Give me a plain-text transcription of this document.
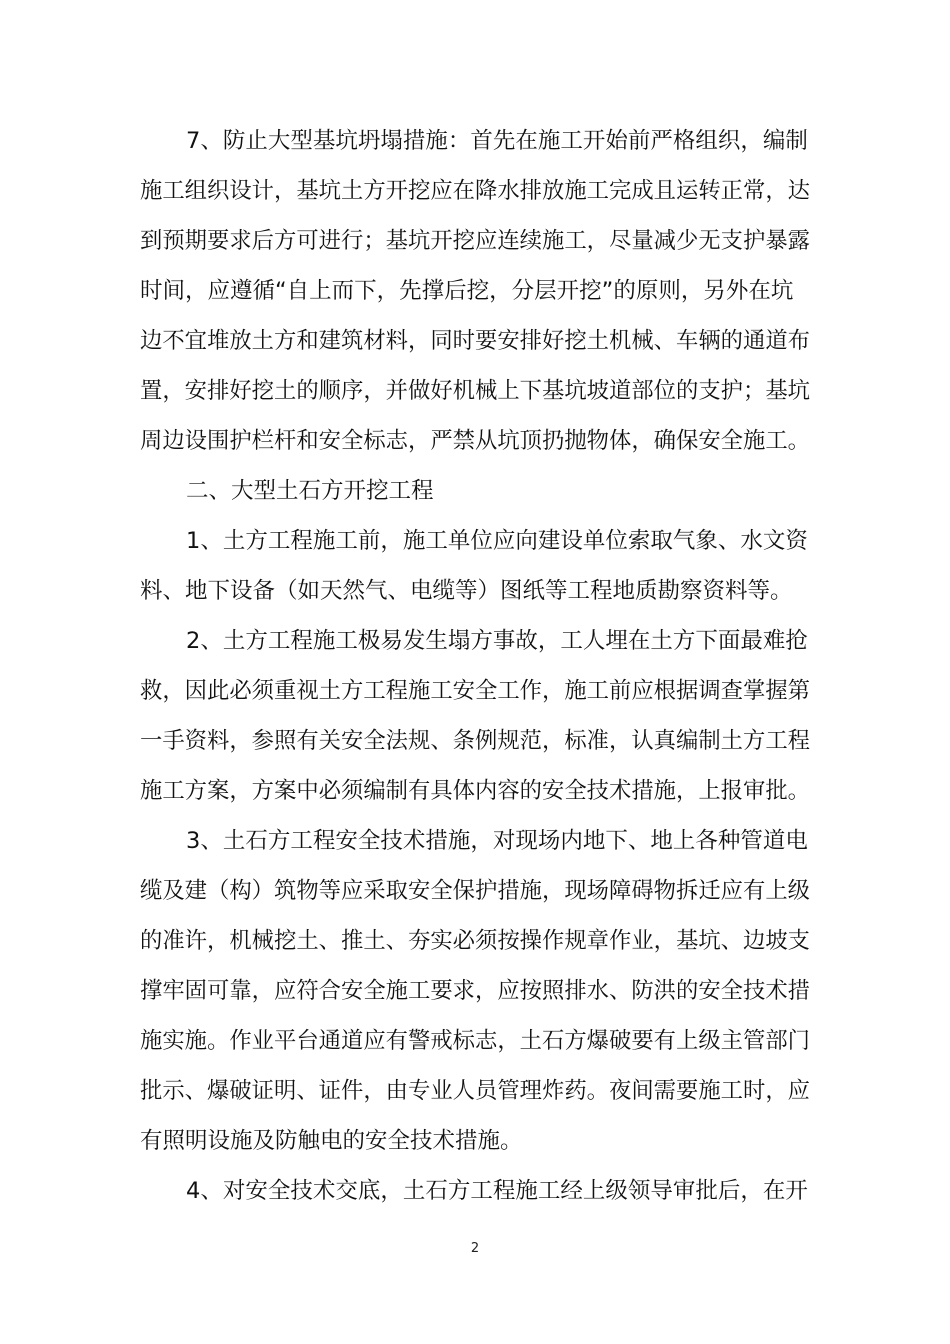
7、防止大型基坑坍塌措施：首先在施工开始前严格组织，编制
施工组织设计，基坑土方开挖应在降水排放施工完成且运转正常，达
到预期要求后方可进行；基坑开挖应连续施工，尽量减少无支护暴露
时间，应遵循“自上而下，先撑后挖，分层开挖”的原则，另外在坑
边不宜堆放土方和建筑材料，同时要安排好挖土机械、车辆的通道布
置，安排好挖土的顺序，并做好机械上下基坑坡道部位的支护；基坑
周边设围护栏杆和安全标志，严禁从坑顶扔抛物体，确保安全施工。
二、大型土石方开挖工程
1、土方工程施工前，施工单位应向建设单位索取气象、水文资
料、地下设备（如天然气、电缆等）图纸等工程地质勘察资料等。
2、土方工程施工极易发生塌方事故，工人埋在土方下面最难抢
救，因此必须重视土方工程施工安全工作，施工前应根据调查掌握第
一手资料，参照有关安全法规、条例规范，标准，认真编制土方工程
施工方案，方案中必须编制有具体内容的安全技术措施，上报审批。
3、土石方工程安全技术措施，对现场内地下、地上各种管道电
缆及建（构）筑物等应采取安全保护措施，现场障碍物拆迁应有上级
的准许，机械挖土、推土、夯实必须按操作规章作业，基坑、边坡支
撑牢固可靠，应符合安全施工要求，应按照排水、防洪的安全技术措
施实施。作业平台通道应有警戒标志，土石方爆破要有上级主管部门
批示、爆破证明、证件，由专业人员管理炸药。夜间需要施工时，应
有照明设施及防触电的安全技术措施。
4、对安全技术交底，土石方工程施工经上级领导审批后，在开
2
